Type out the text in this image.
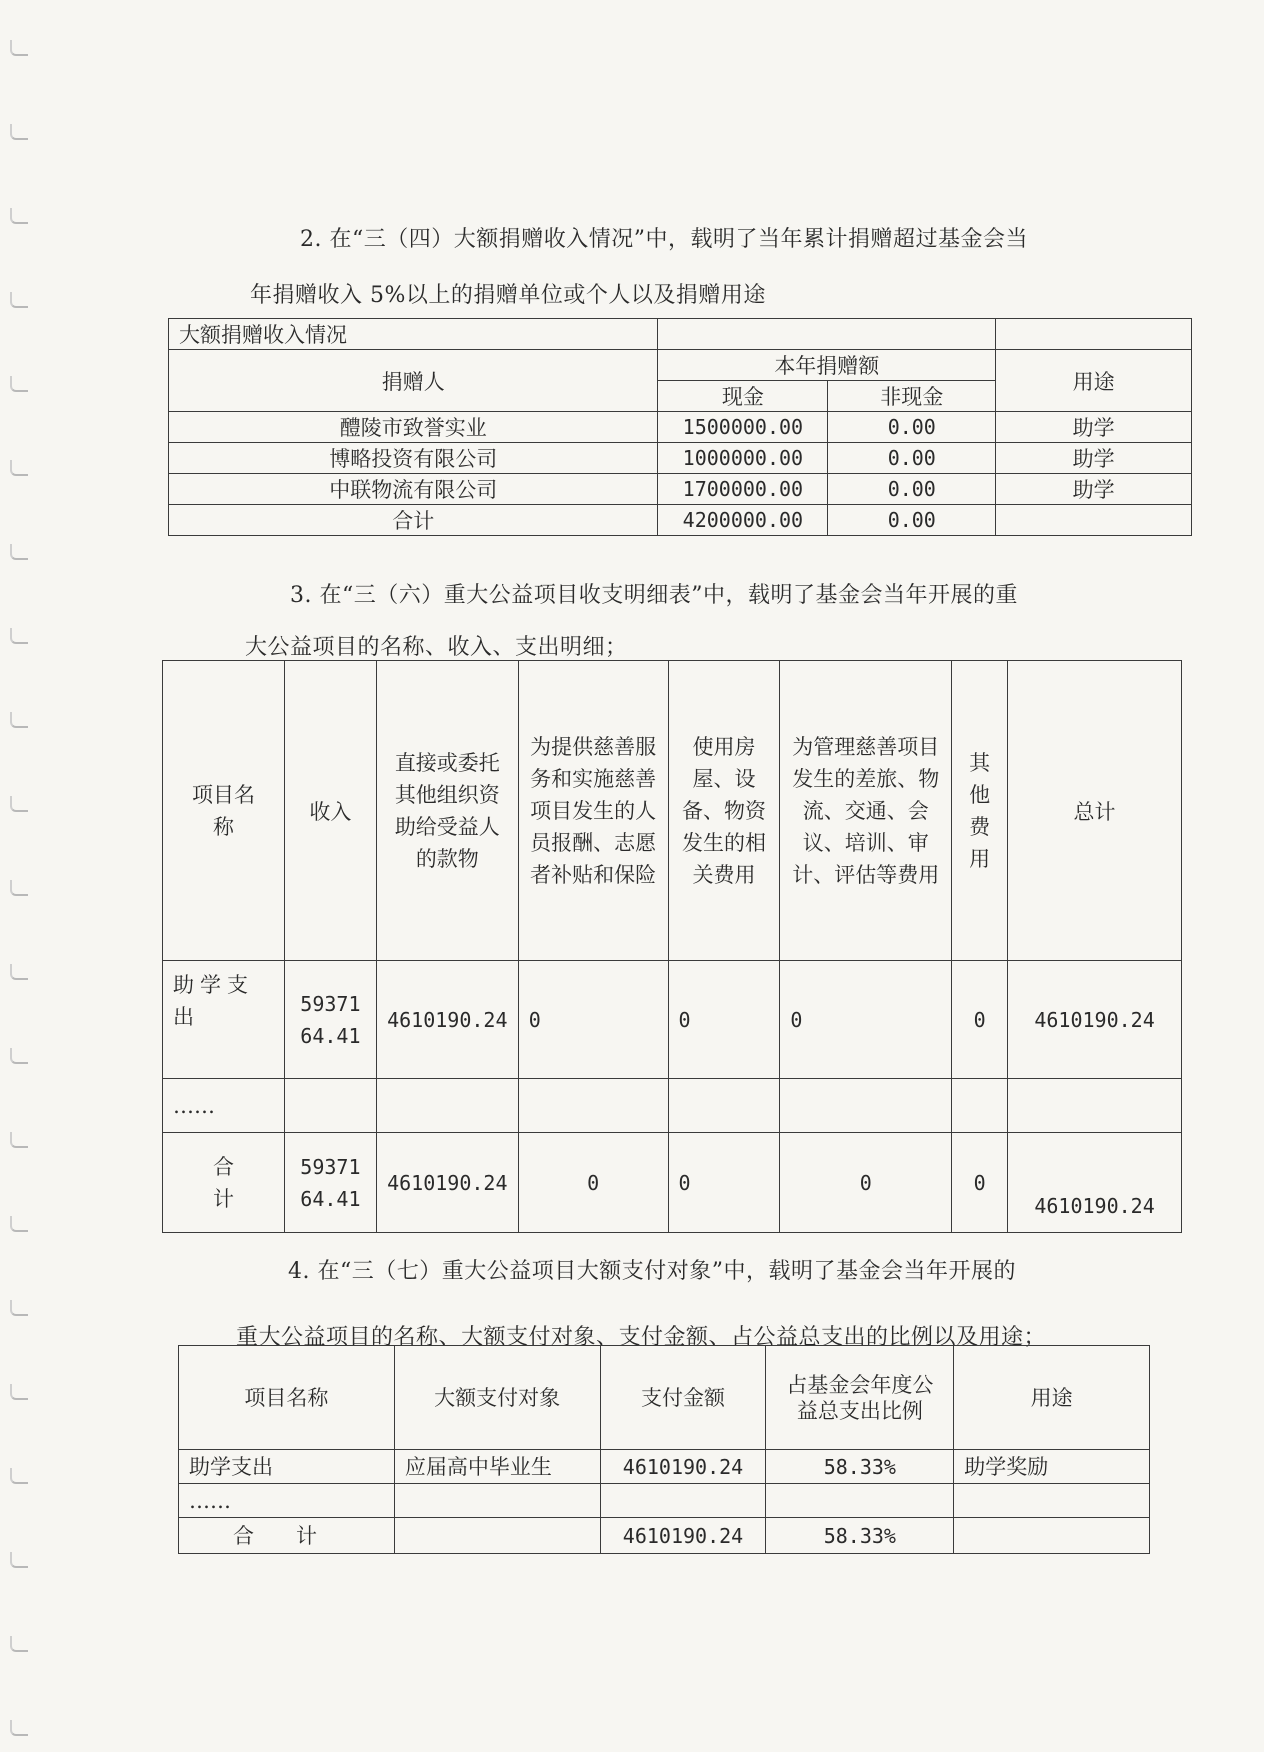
2. 在“三（四）大额捐赠收入情况”中，载明了当年累计捐赠超过基金会当
年捐赠收入 5%以上的捐赠单位或个人以及捐赠用途
大额捐赠收入情况			
捐赠人	本年捐赠额		用途
	现金	非现金	
醴陵市致誉实业	1500000.00	0.00	助学
博略投资有限公司	1000000.00	0.00	助学
中联物流有限公司	1700000.00	0.00	助学
合计	4200000.00	0.00	
3. 在“三（六）重大公益项目收支明细表”中，载明了基金会当年开展的重
大公益项目的名称、收入、支出明细；
项目名称	收入	直接或委托其他组织资助给受益人的款物	为提供慈善服务和实施慈善项目发生的人员报酬、志愿者补贴和保险	使用房屋、设备、物资发生的相关费用	为管理慈善项目发生的差旅、物流、交通、会议、培训、审计、评估等费用	其他费用	总计
助学支出	5937164.41	4610190.24	0	0	0	0	4610190.24
……							
合计	5937164.41	4610190.24	0	0	0	0	4610190.24
4. 在“三（七）重大公益项目大额支付对象”中，载明了基金会当年开展的
重大公益项目的名称、大额支付对象、支付金额、占公益总支出的比例以及用途；
项目名称	大额支付对象	支付金额	占基金会年度公益总支出比例	用途
助学支出	应届高中毕业生	4610190.24	58.33%	助学奖励
……				
合　　计		4610190.24	58.33%	
